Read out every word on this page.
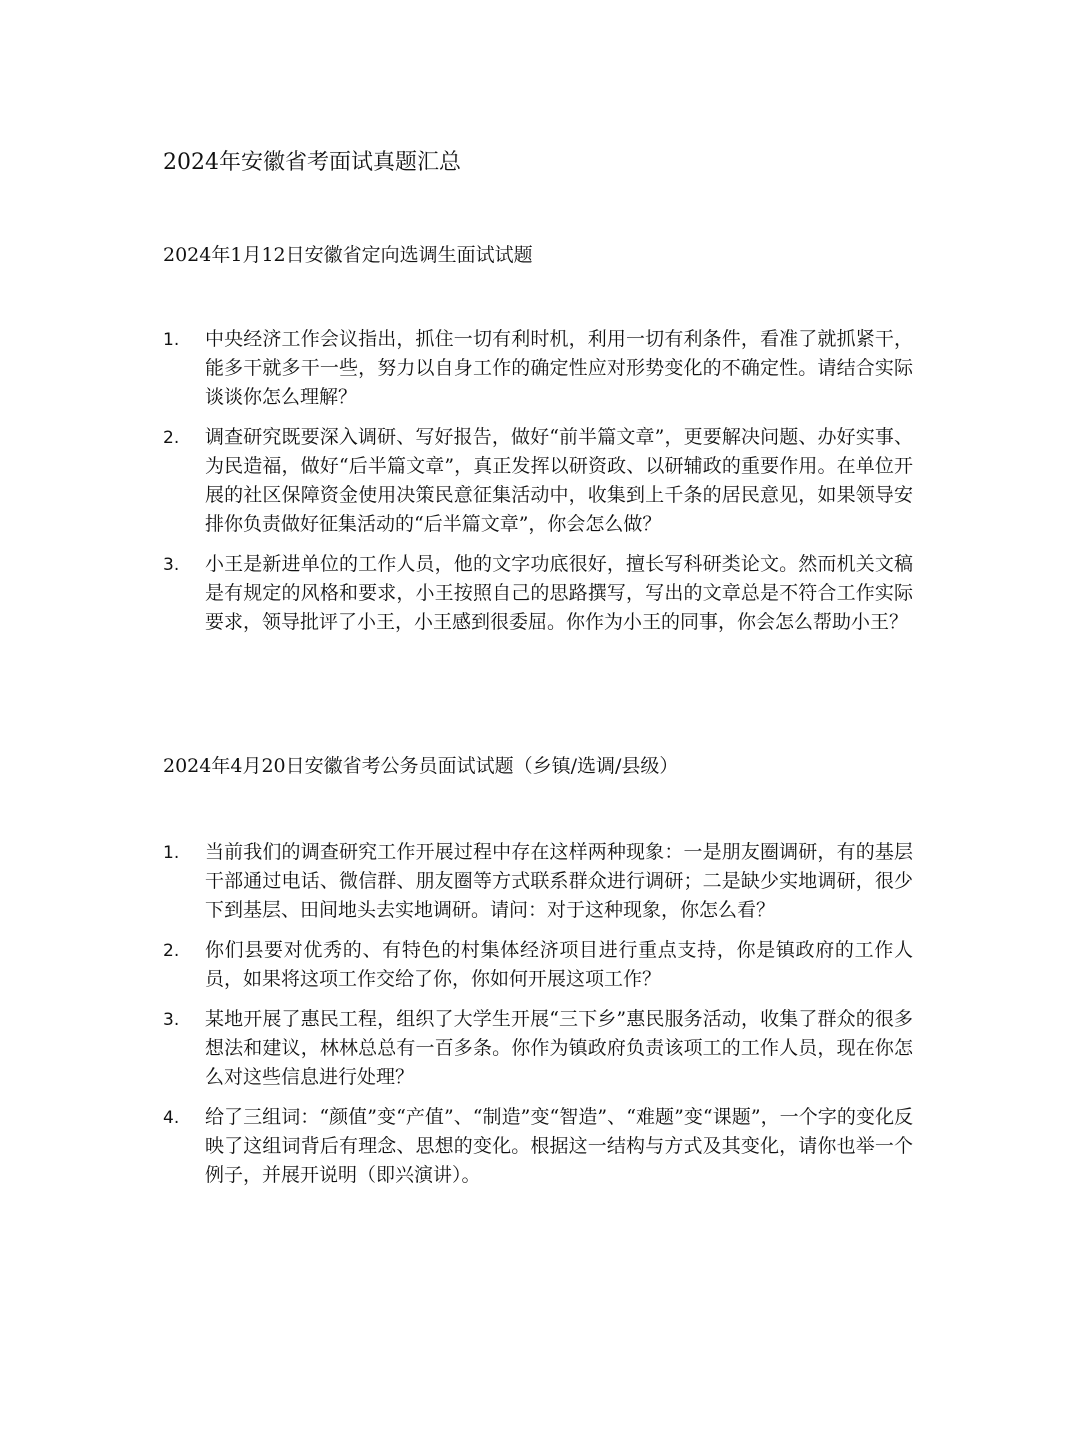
2024年安徽省考面试真题汇总
2024年1月12日安徽省定向选调生面试试题
1. 中央经济工作会议指出，抓住一切有利时机，利用一切有利条件，看准了就抓紧干，能多干就多干一些，努力以自身工作的确定性应对形势变化的不确定性。请结合实际谈谈你怎么理解？
2. 调查研究既要深入调研、写好报告，做好“前半篇文章”，更要解决问题、办好实事、为民造福，做好“后半篇文章”，真正发挥以研资政、以研辅政的重要作用。在单位开展的社区保障资金使用决策民意征集活动中，收集到上千条的居民意见，如果领导安排你负责做好征集活动的“后半篇文章”，你会怎么做？
3. 小王是新进单位的工作人员，他的文字功底很好，擅长写科研类论文。然而机关文稿是有规定的风格和要求，小王按照自己的思路撰写，写出的文章总是不符合工作实际要求，领导批评了小王，小王感到很委屈。你作为小王的同事，你会怎么帮助小王？
2024年4月20日安徽省考公务员面试试题（乡镇/选调/县级）
1. 当前我们的调查研究工作开展过程中存在这样两种现象：一是朋友圈调研，有的基层干部通过电话、微信群、朋友圈等方式联系群众进行调研；二是缺少实地调研，很少下到基层、田间地头去实地调研。请问：对于这种现象，你怎么看？
2. 你们县要对优秀的、有特色的村集体经济项目进行重点支持，你是镇政府的工作人员，如果将这项工作交给了你，你如何开展这项工作？
3. 某地开展了惠民工程，组织了大学生开展“三下乡”惠民服务活动，收集了群众的很多想法和建议，林林总总有一百多条。你作为镇政府负责该项工的工作人员，现在你怎么对这些信息进行处理？
4. 给了三组词：“颜值”变“产值”、“制造”变“智造”、“难题”变“课题”，一个字的变化反映了这组词背后有理念、思想的变化。根据这一结构与方式及其变化，请你也举一个例子，并展开说明（即兴演讲）。
